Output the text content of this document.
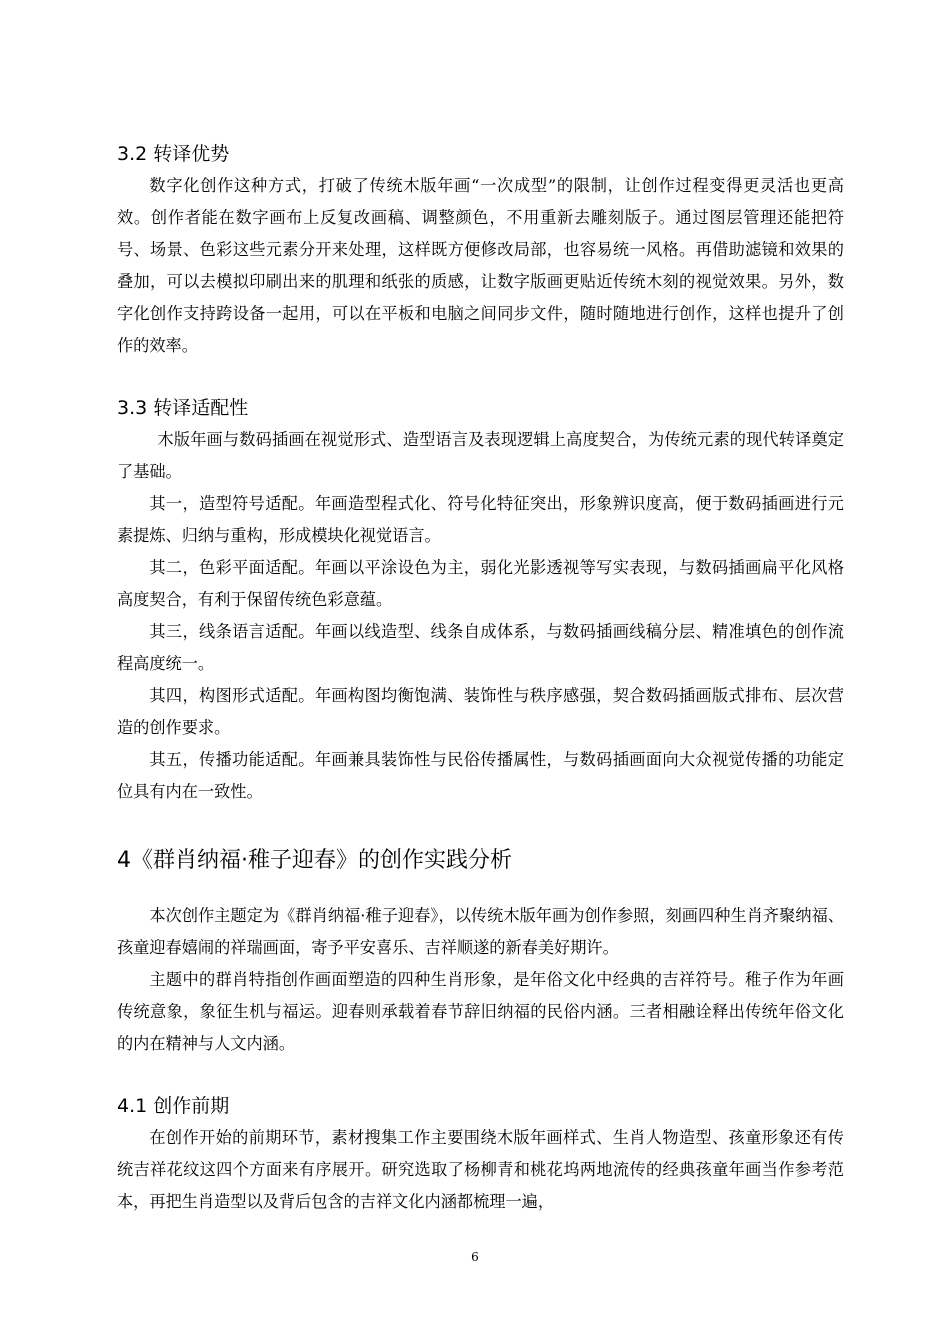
3.2 转译优势

数字化创作这种方式，打破了传统木版年画“一次成型”的限制，让创作过程变得更灵活也更高效。创作者能在数字画布上反复改画稿、调整颜色，不用重新去雕刻版子。通过图层管理还能把符号、场景、色彩这些元素分开来处理，这样既方便修改局部，也容易统一风格。再借助滤镜和效果的叠加，可以去模拟印刷出来的肌理和纸张的质感，让数字版画更贴近传统木刻的视觉效果。另外，数字化创作支持跨设备一起用，可以在平板和电脑之间同步文件，随时随地进行创作，这样也提升了创作的效率。

3.3 转译适配性

木版年画与数码插画在视觉形式、造型语言及表现逻辑上高度契合，为传统元素的现代转译奠定了基础。

其一，造型符号适配。年画造型程式化、符号化特征突出，形象辨识度高，便于数码插画进行元素提炼、归纳与重构，形成模块化视觉语言。

其二，色彩平面适配。年画以平涂设色为主，弱化光影透视等写实表现，与数码插画扁平化风格高度契合，有利于保留传统色彩意蕴。

其三，线条语言适配。年画以线造型、线条自成体系，与数码插画线稿分层、精准填色的创作流程高度统一。

其四，构图形式适配。年画构图均衡饱满、装饰性与秩序感强，契合数码插画版式排布、层次营造的创作要求。

其五，传播功能适配。年画兼具装饰性与民俗传播属性，与数码插画面向大众视觉传播的功能定位具有内在一致性。

4《群肖纳福·稚子迎春》的创作实践分析

本次创作主题定为《群肖纳福·稚子迎春》，以传统木版年画为创作参照，刻画四种生肖齐聚纳福、孩童迎春嬉闹的祥瑞画面，寄予平安喜乐、吉祥顺遂的新春美好期许。

主题中的群肖特指创作画面塑造的四种生肖形象，是年俗文化中经典的吉祥符号。稚子作为年画传统意象，象征生机与福运。迎春则承载着春节辞旧纳福的民俗内涵。三者相融诠释出传统年俗文化的内在精神与人文内涵。

4.1 创作前期

在创作开始的前期环节，素材搜集工作主要围绕木版年画样式、生肖人物造型、孩童形象还有传统吉祥花纹这四个方面来有序展开。研究选取了杨柳青和桃花坞两地流传的经典孩童年画当作参考范本，再把生肖造型以及背后包含的吉祥文化内涵都梳理一遍，

6
